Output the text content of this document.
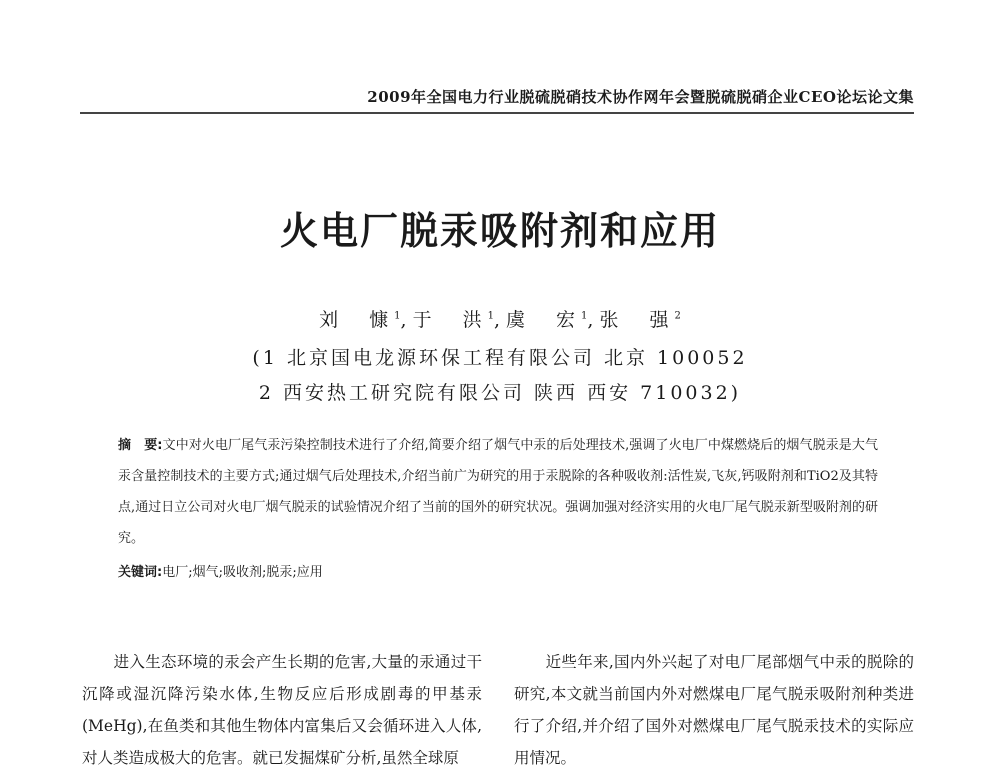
2009年全国电力行业脱硫脱硝技术协作网年会暨脱硫脱硝企业CEO论坛论文集
火电厂脱汞吸附剂和应用
刘　慷$^1$,于　洪$^1$,虞　宏$^1$,张　强$^2$
(1 北京国电龙源环保工程有限公司 北京 100052
2 西安热工研究院有限公司 陕西 西安 710032)
摘　要:文中对火电厂尾气汞污染控制技术进行了介绍,简要介绍了烟气中汞的后处理技术,强调了火电厂中煤燃烧后的烟气脱汞是大气汞含量控制技术的主要方式;通过烟气后处理技术,介绍当前广为研究的用于汞脱除的各种吸收剂:活性炭,飞灰,钙吸附剂和TiO2及其特点,通过日立公司对火电厂烟气脱汞的试验情况介绍了当前的国外的研究状况。强调加强对经济实用的火电厂尾气脱汞新型吸附剂的研究。
关键词:电厂;烟气;吸收剂;脱汞;应用
　　进入生态环境的汞会产生长期的危害,大量的汞通过干沉降或湿沉降污染水体,生物反应后形成剧毒的甲基汞(MeHg),在鱼类和其他生物体内富集后又会循环进入人体,对人类造成极大的危害。就已发掘煤矿分析,虽然全球原
　　近些年来,国内外兴起了对电厂尾部烟气中汞的脱除的研究,本文就当前国内外对燃煤电厂尾气脱汞吸附剂种类进行了介绍,并介绍了国外对燃煤电厂尾气脱汞技术的实际应用情况。
